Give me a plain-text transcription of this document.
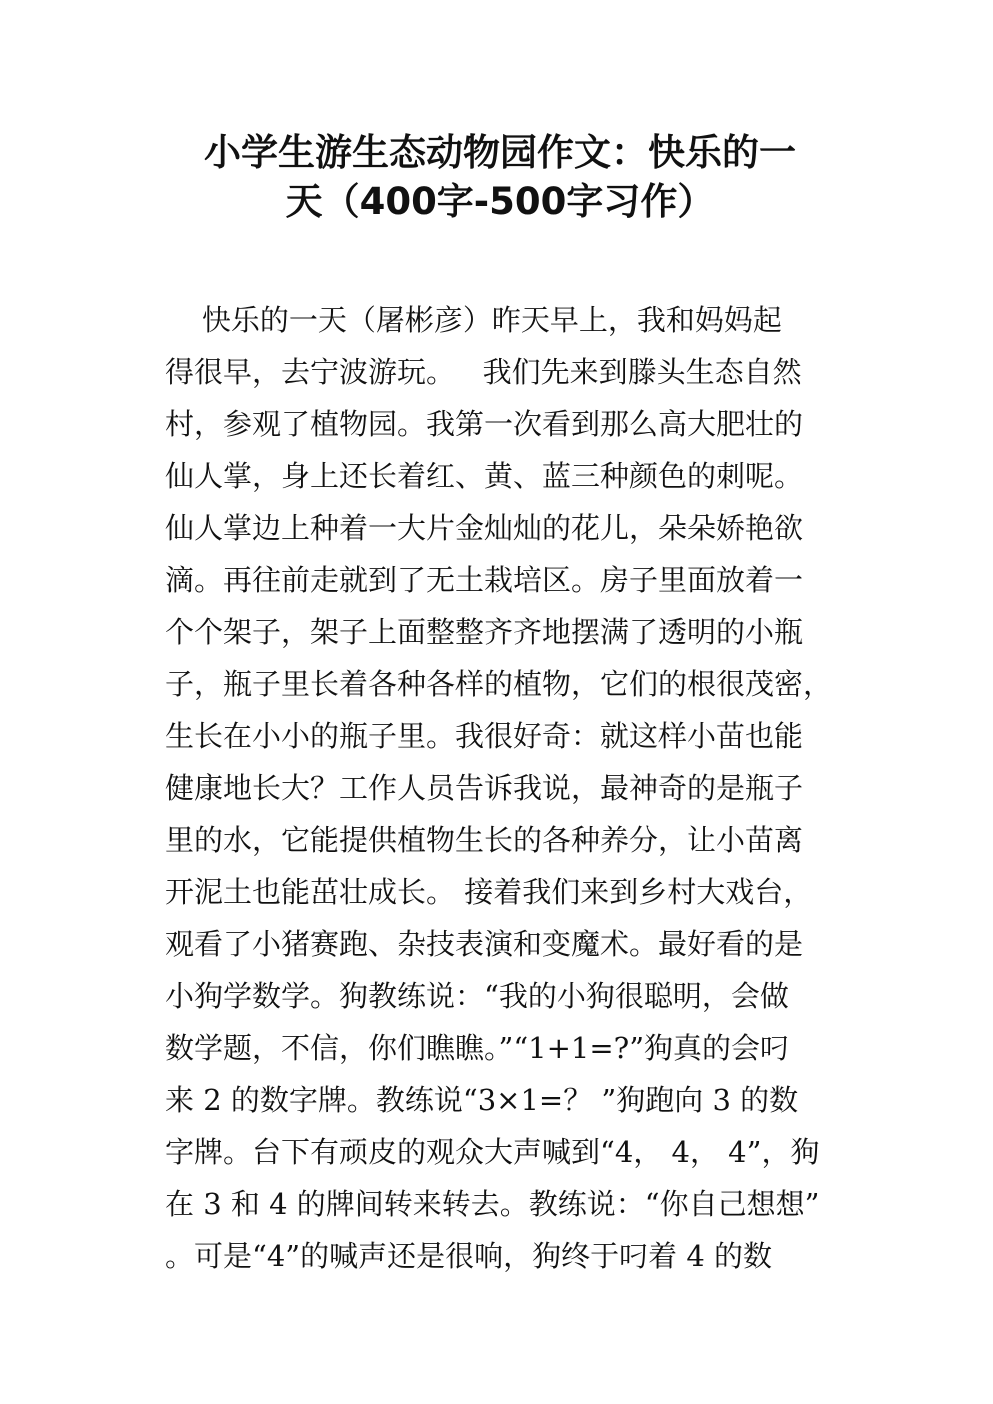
小学生游生态动物园作文：快乐的一
天（400字-500字习作）
快乐的一天（屠彬彦）昨天早上，我和妈妈起
得很早，去宁波游玩。   我们先来到滕头生态自然
村，参观了植物园。我第一次看到那么高大肥壮的
仙人掌，身上还长着红、黄、蓝三种颜色的刺呢。
仙人掌边上种着一大片金灿灿的花儿，朵朵娇艳欲
滴。再往前走就到了无土栽培区。房子里面放着一
个个架子，架子上面整整齐齐地摆满了透明的小瓶
子，瓶子里长着各种各样的植物，它们的根很茂密，
生长在小小的瓶子里。我很好奇：就这样小苗也能
健康地长大？工作人员告诉我说，最神奇的是瓶子
里的水，它能提供植物生长的各种养分，让小苗离
开泥土也能茁壮成长。 接着我们来到乡村大戏台，
观看了小猪赛跑、杂技表演和变魔术。最好看的是
小狗学数学。狗教练说：“我的小狗很聪明，会做
数学题，不信，你们瞧瞧。”“1+1=?”狗真的会叼
来 2 的数字牌。教练说“3×1=？ ”狗跑向 3 的数
字牌。台下有顽皮的观众大声喊到“4， 4， 4”，狗
在 3 和 4 的牌间转来转去。教练说：“你自己想想”
。可是“4”的喊声还是很响，狗终于叼着 4 的数
